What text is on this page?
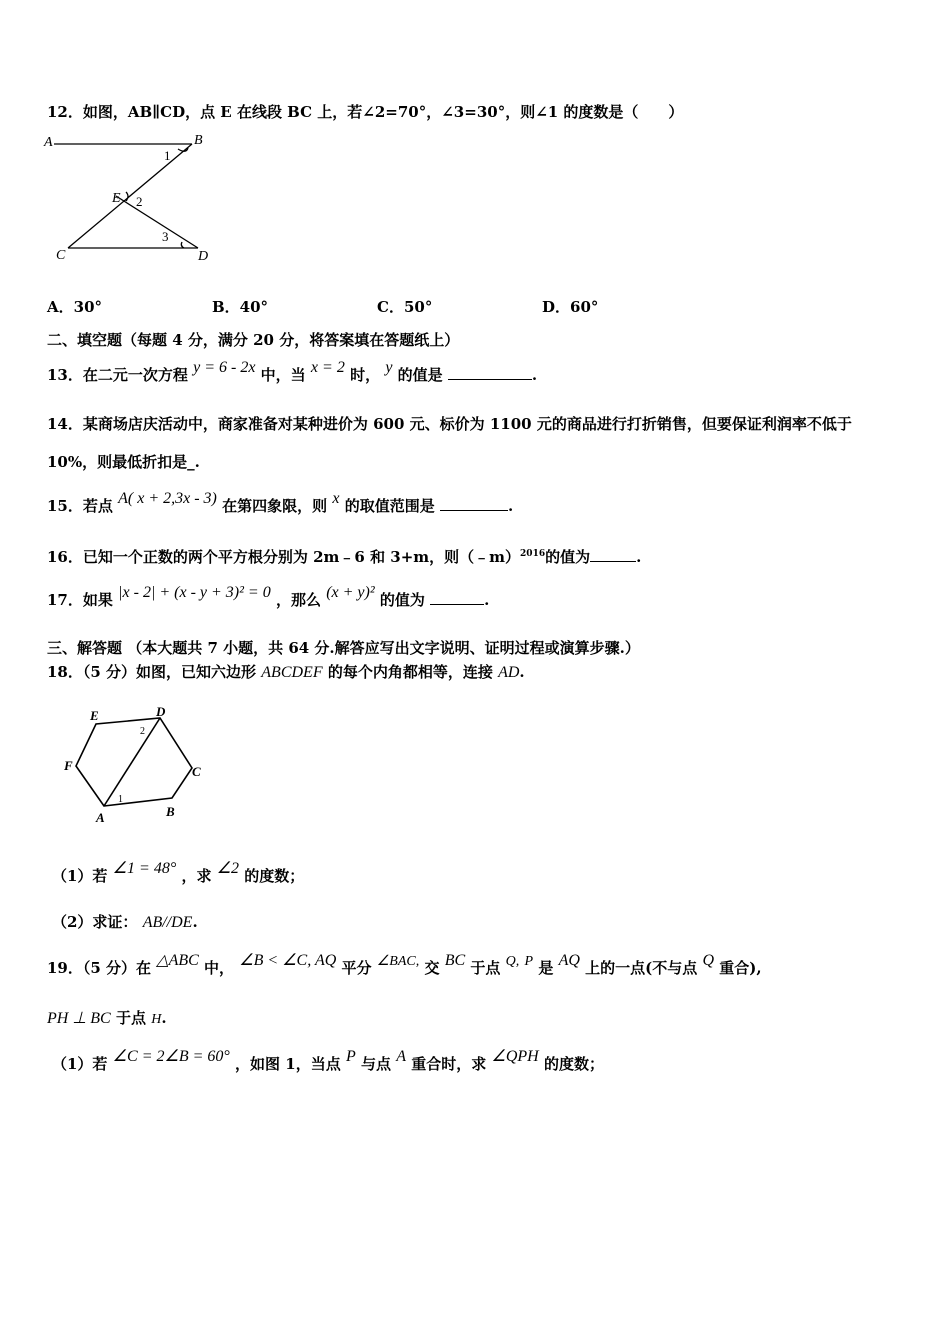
12．如图，AB∥CD，点 E 在线段 BC 上，若∠2=70°，∠3=30°，则∠1 的度数是（　　）
A	B
C	D
E
1
2
3
A．30°	B．40°	C．50°	D．60°
二、填空题（每题 4 分，满分 20 分，将答案填在答题纸上）
13．在二元一次方程 y = 6 - 2x 中，当 x = 2 时， y 的值是	.
14．某商场店庆活动中，商家准备对某种进价为 600 元、标价为 1100 元的商品进行打折销售，但要保证利润率不低于
10%，则最低折扣是_.
15．若点 A( x + 2,3x - 3) 在第四象限，则 x 的取值范围是	.
16．已知一个正数的两个平方根分别为 2m﹣6 和 3+m，则（﹣m）$^{2016}$的值为	.
17．如果 |x - 2| + (x - y + 3)² = 0 ，那么 (x + y)² 的值为	.
三、解答题 （本大题共 7 小题，共 64 分.解答应写出文字说明、证明过程或演算步骤.）
18．（5 分）如图，已知六边形 ABCDEF 的每个内角都相等，连接 AD.
A	B
C
D
E
F
1
2
（1）若 ∠1 = 48° ，求 ∠2 的度数；
（2）求证： AB//DE.
19．（5 分）在 △ABC 中， ∠B < ∠C, AQ 平分 ∠BAC, 交 BC 于点 Q, P 是 AQ 上的一点(不与点 Q 重合),
PH ⊥ BC 于点 H.
（1）若 ∠C = 2∠B = 60° ，如图 1，当点 P 与点 A 重合时，求 ∠QPH 的度数；
